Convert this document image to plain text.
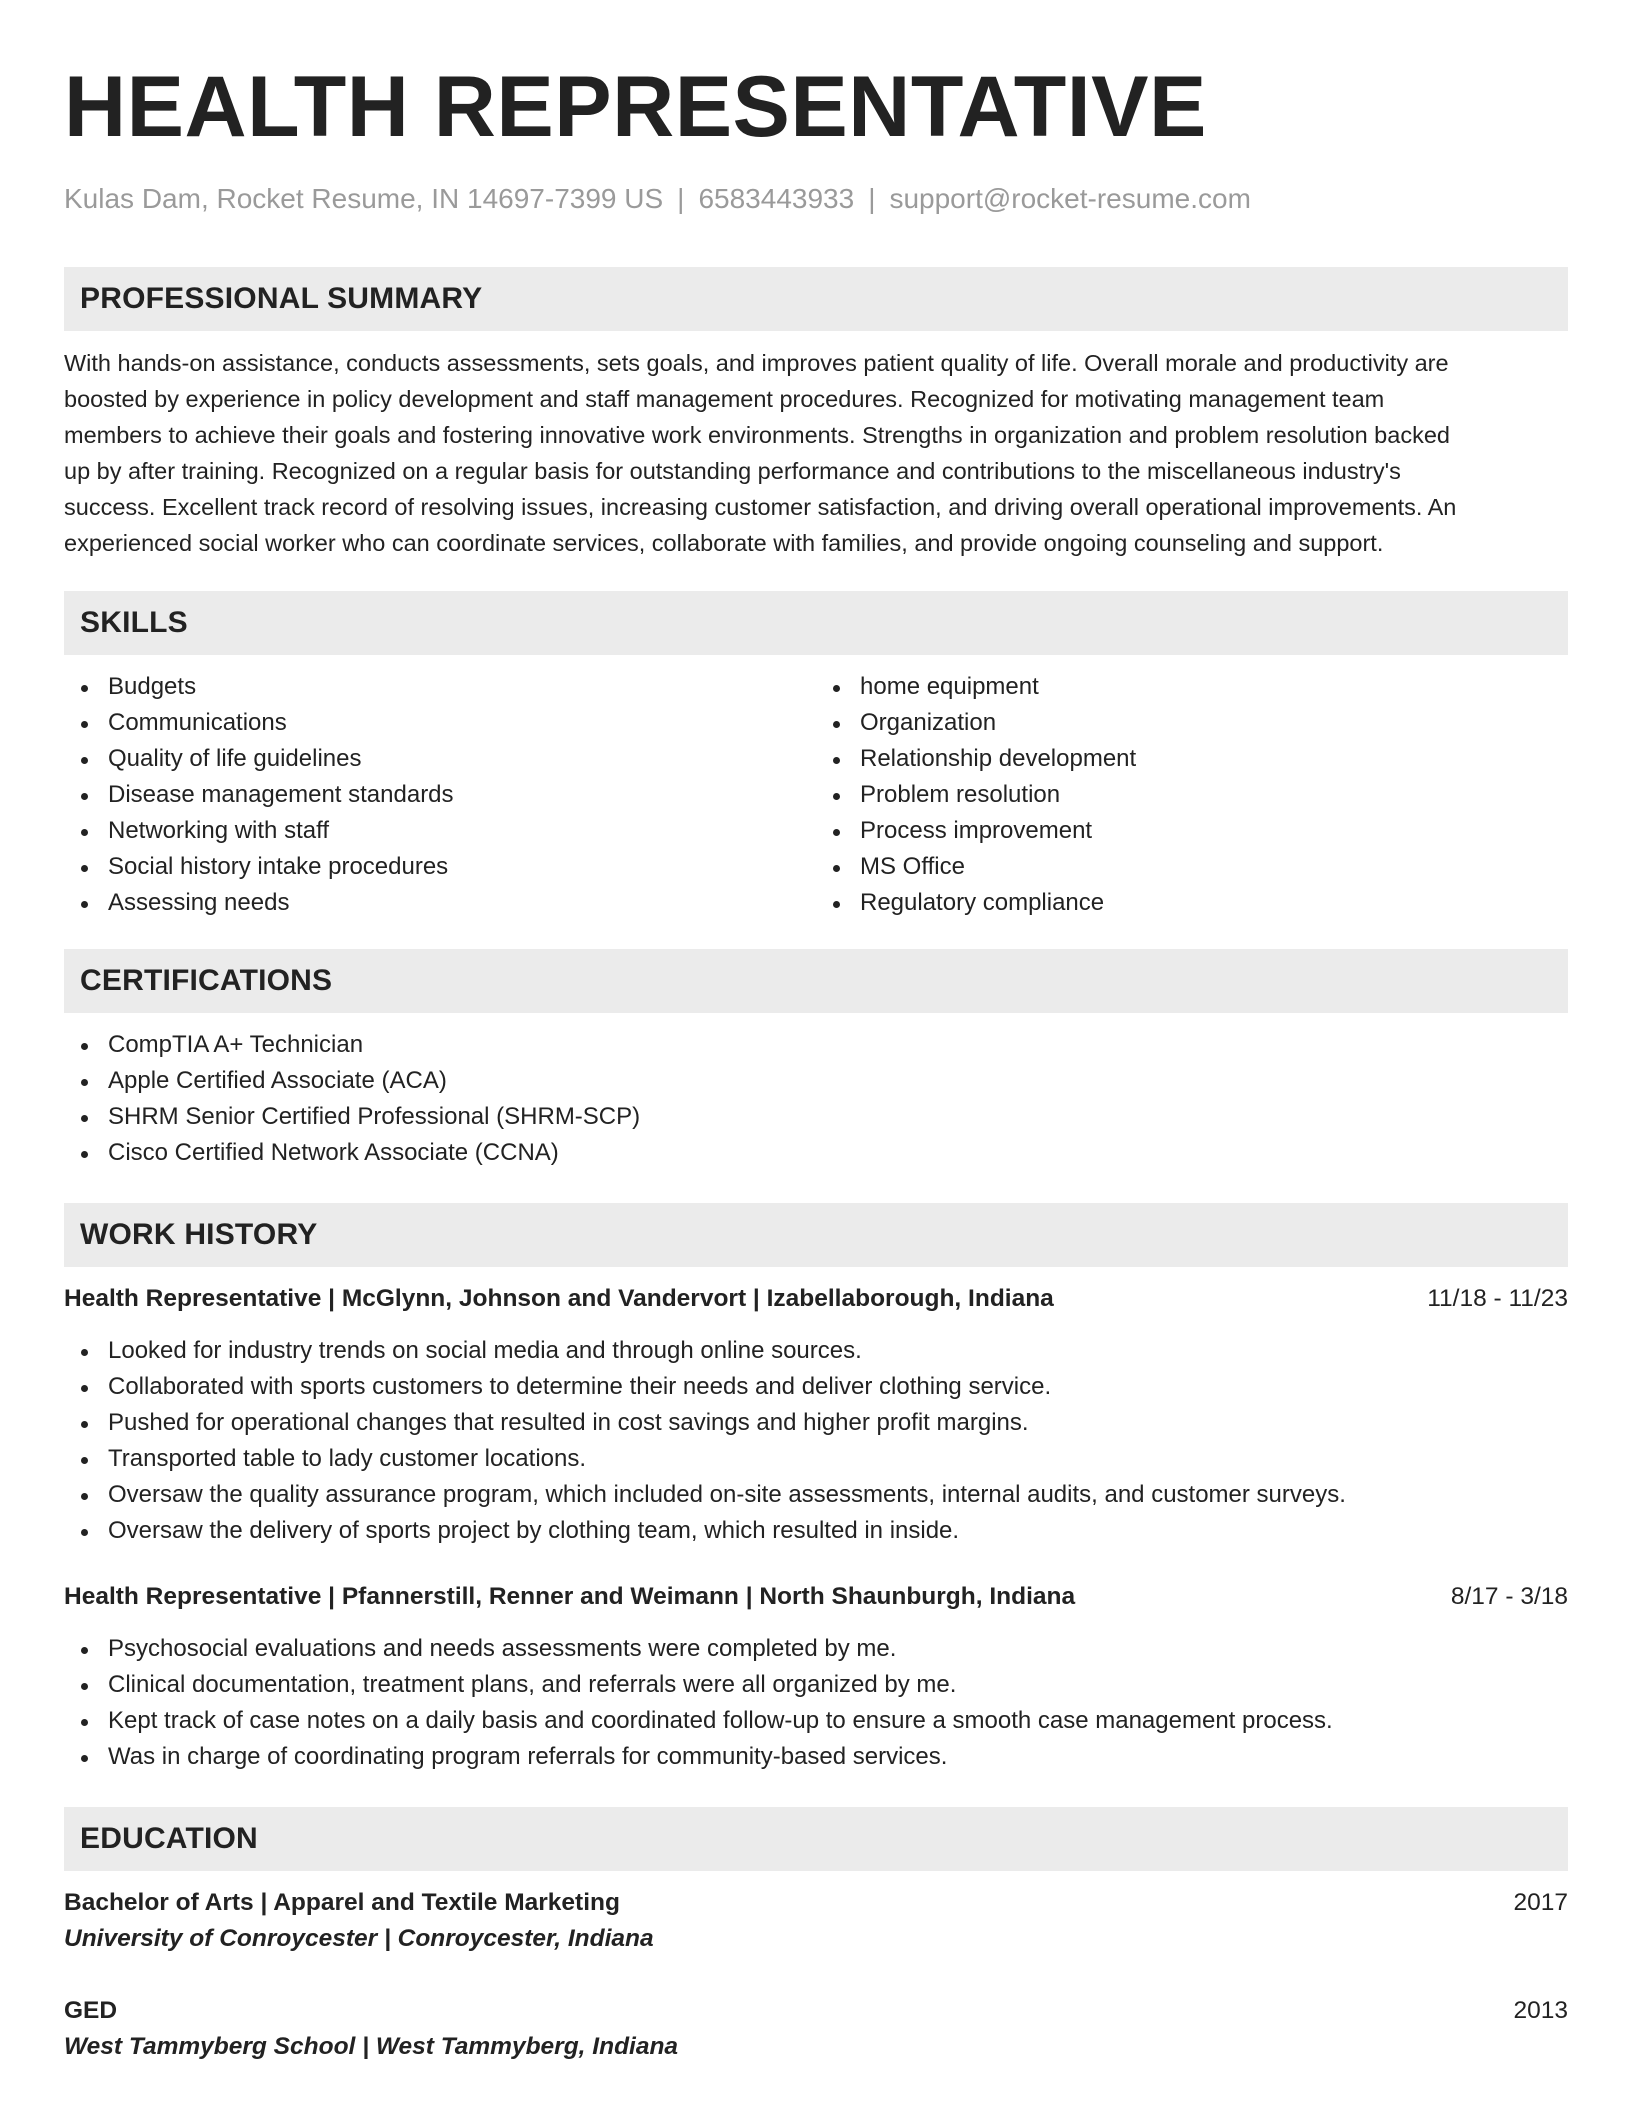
HEALTH REPRESENTATIVE
Kulas Dam, Rocket Resume, IN 14697-7399 US | 6583443933 | support@rocket-resume.com
PROFESSIONAL SUMMARY
With hands-on assistance, conducts assessments, sets goals, and improves patient quality of life. Overall morale and productivity are
boosted by experience in policy development and staff management procedures. Recognized for motivating management team
members to achieve their goals and fostering innovative work environments. Strengths in organization and problem resolution backed
up by after training. Recognized on a regular basis for outstanding performance and contributions to the miscellaneous industry's
success. Excellent track record of resolving issues, increasing customer satisfaction, and driving overall operational improvements. An
experienced social worker who can coordinate services, collaborate with families, and provide ongoing counseling and support.
SKILLS
Budgets
Communications
Quality of life guidelines
Disease management standards
Networking with staff
Social history intake procedures
Assessing needs
home equipment
Organization
Relationship development
Problem resolution
Process improvement
MS Office
Regulatory compliance
CERTIFICATIONS
CompTIA A+ Technician
Apple Certified Associate (ACA)
SHRM Senior Certified Professional (SHRM-SCP)
Cisco Certified Network Associate (CCNA)
WORK HISTORY
Health Representative | McGlynn, Johnson and Vandervort | Izabellaborough, Indiana	11/18 - 11/23
Looked for industry trends on social media and through online sources.
Collaborated with sports customers to determine their needs and deliver clothing service.
Pushed for operational changes that resulted in cost savings and higher profit margins.
Transported table to lady customer locations.
Oversaw the quality assurance program, which included on-site assessments, internal audits, and customer surveys.
Oversaw the delivery of sports project by clothing team, which resulted in inside.
Health Representative | Pfannerstill, Renner and Weimann | North Shaunburgh, Indiana	8/17 - 3/18
Psychosocial evaluations and needs assessments were completed by me.
Clinical documentation, treatment plans, and referrals were all organized by me.
Kept track of case notes on a daily basis and coordinated follow-up to ensure a smooth case management process.
Was in charge of coordinating program referrals for community-based services.
EDUCATION
Bachelor of Arts | Apparel and Textile Marketing	2017
University of Conroycester | Conroycester, Indiana
GED	2013
West Tammyberg School | West Tammyberg, Indiana
